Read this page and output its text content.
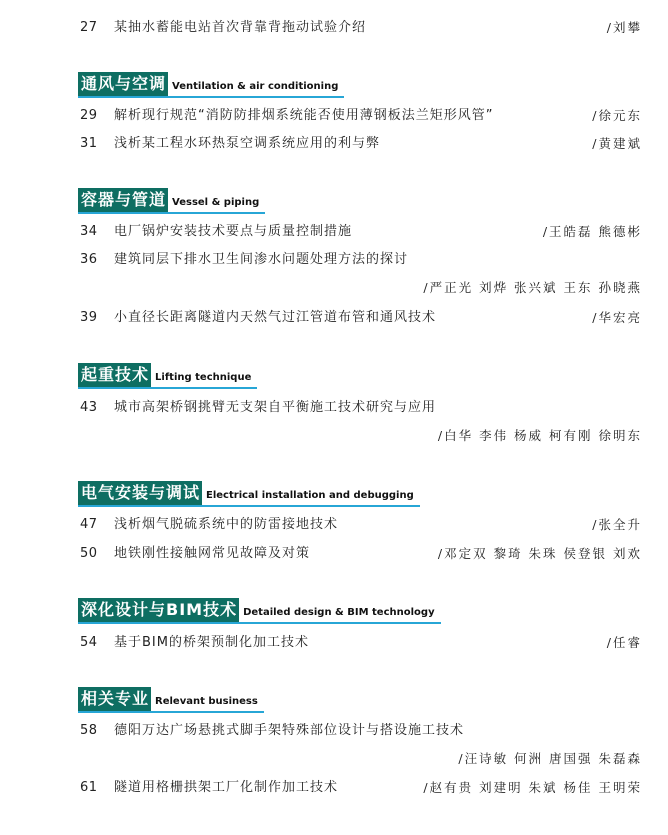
27	某抽水蓄能电站首次背靠背拖动试验介绍	/刘攀
通风与空调 Ventilation & air conditioning
29	解析现行规范“消防防排烟系统能否使用薄钢板法兰矩形风管”	/徐元东
31	浅析某工程水环热泵空调系统应用的利与弊	/黄建斌
容器与管道 Vessel & piping
34	电厂锅炉安装技术要点与质量控制措施	/王皓磊 熊德彬
36	建筑同层下排水卫生间渗水问题处理方法的探讨
/严正光 刘烨 张兴斌 王东 孙晓燕
39	小直径长距离隧道内天然气过江管道布管和通风技术	/华宏亮
起重技术 Lifting technique
43	城市高架桥钢挑臂无支架自平衡施工技术研究与应用
/白华 李伟 杨威 柯有刚 徐明东
电气安装与调试 Electrical installation and debugging
47	浅析烟气脱硫系统中的防雷接地技术	/张全升
50	地铁刚性接触网常见故障及对策	/邓定双 黎琦 朱珠 侯登银 刘欢
深化设计与BIM技术 Detailed design & BIM technology
54	基于BIM的桥架预制化加工技术	/任睿
相关专业 Relevant business
58	德阳万达广场悬挑式脚手架特殊部位设计与搭设施工技术
/汪诗敏 何洲 唐国强 朱磊森
61	隧道用格栅拱架工厂化制作加工技术	/赵有贵 刘建明 朱斌 杨佳 王明荣
